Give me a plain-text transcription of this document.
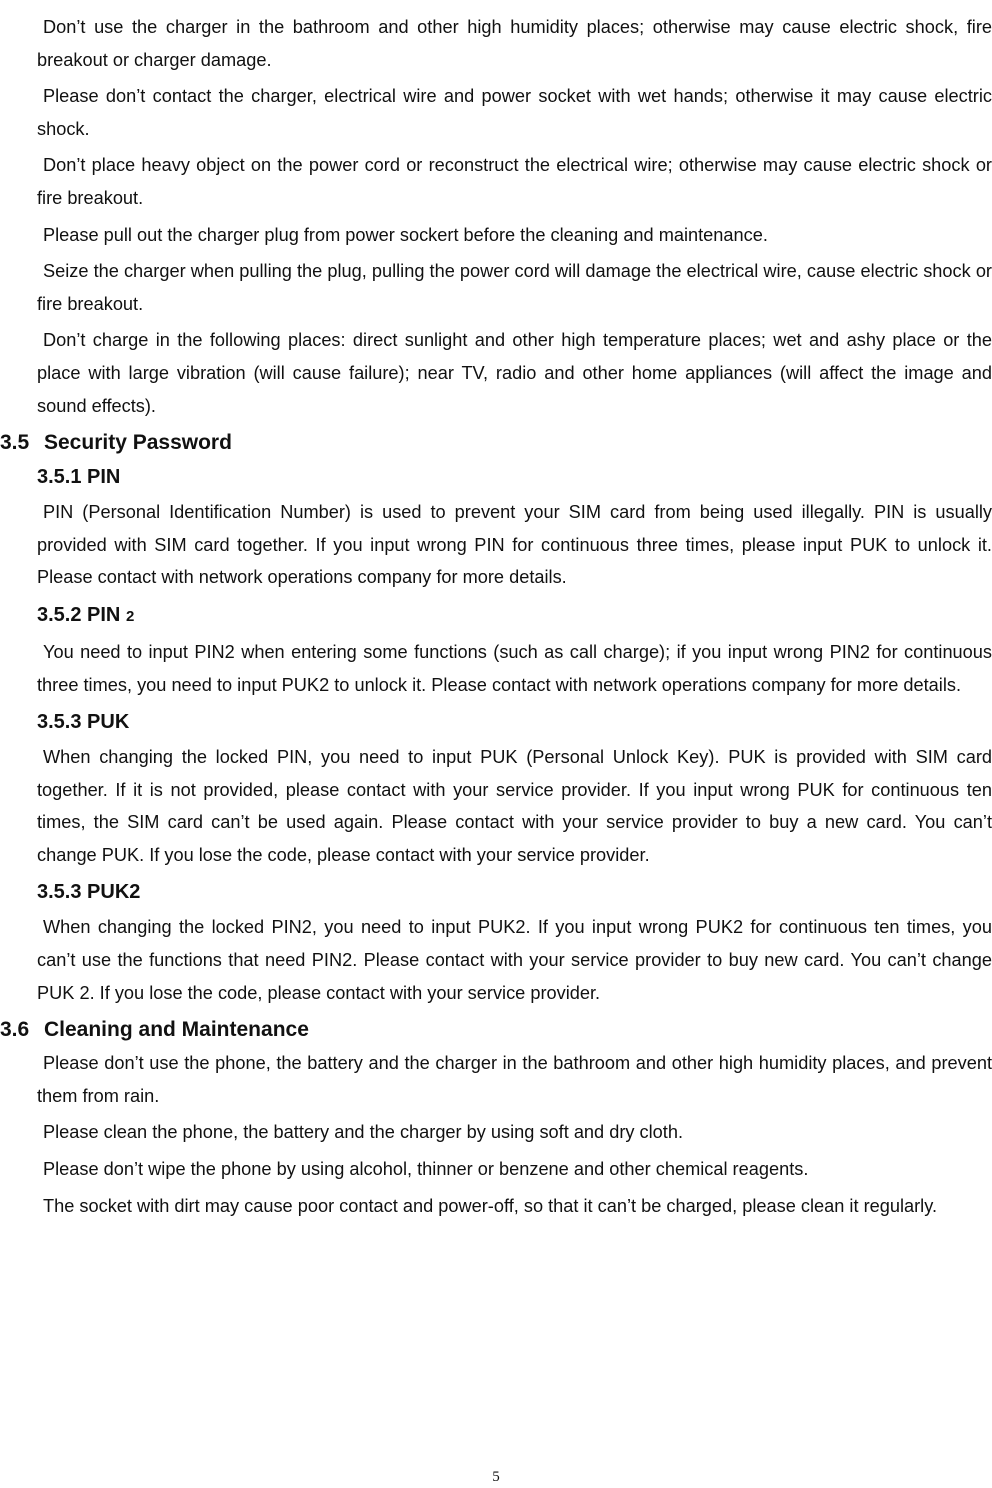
Don’t use the charger in the bathroom and other high humidity places; otherwise may cause electric shock, fire breakout or charger damage.

Please don’t contact the charger, electrical wire and power socket with wet hands; otherwise it may cause electric shock.

Don’t place heavy object on the power cord or reconstruct the electrical wire; otherwise may cause electric shock or fire breakout.

Please pull out the charger plug from power sockert before the cleaning and maintenance.

Seize the charger when pulling the plug, pulling the power cord will damage the electrical wire, cause electric shock or fire breakout.

Don’t charge in the following places: direct sunlight and other high temperature places; wet and ashy place or the place with large vibration (will cause failure); near TV, radio and other home appliances (will affect the image and sound effects).

3.5 Security Password
3.5.1 PIN

PIN (Personal Identification Number) is used to prevent your SIM card from being used illegally. PIN is usually provided with SIM card together. If you input wrong PIN for continuous three times, please input PUK to unlock it. Please contact with network operations company for more details.

3.5.2 PIN 2

You need to input PIN2 when entering some functions (such as call charge); if you input wrong PIN2 for continuous three times, you need to input PUK2 to unlock it. Please contact with network operations company for more details.

3.5.3 PUK

When changing the locked PIN, you need to input PUK (Personal Unlock Key). PUK is provided with SIM card together. If it is not provided, please contact with your service provider. If you input wrong PUK for continuous ten times, the SIM card can’t be used again. Please contact with your service provider to buy a new card. You can’t change PUK. If you lose the code, please contact with your service provider.

3.5.3 PUK2

When changing the locked PIN2, you need to input PUK2. If you input wrong PUK2 for continuous ten times, you can’t use the functions that need PIN2. Please contact with your service provider to buy new card. You can’t change PUK 2. If you lose the code, please contact with your service provider.

3.6 Cleaning and Maintenance

Please don’t use the phone, the battery and the charger in the bathroom and other high humidity places, and prevent them from rain.

Please clean the phone, the battery and the charger by using soft and dry cloth.

Please don’t wipe the phone by using alcohol, thinner or benzene and other chemical reagents.

The socket with dirt may cause poor contact and power-off, so that it can’t be charged, please clean it regularly.

5
